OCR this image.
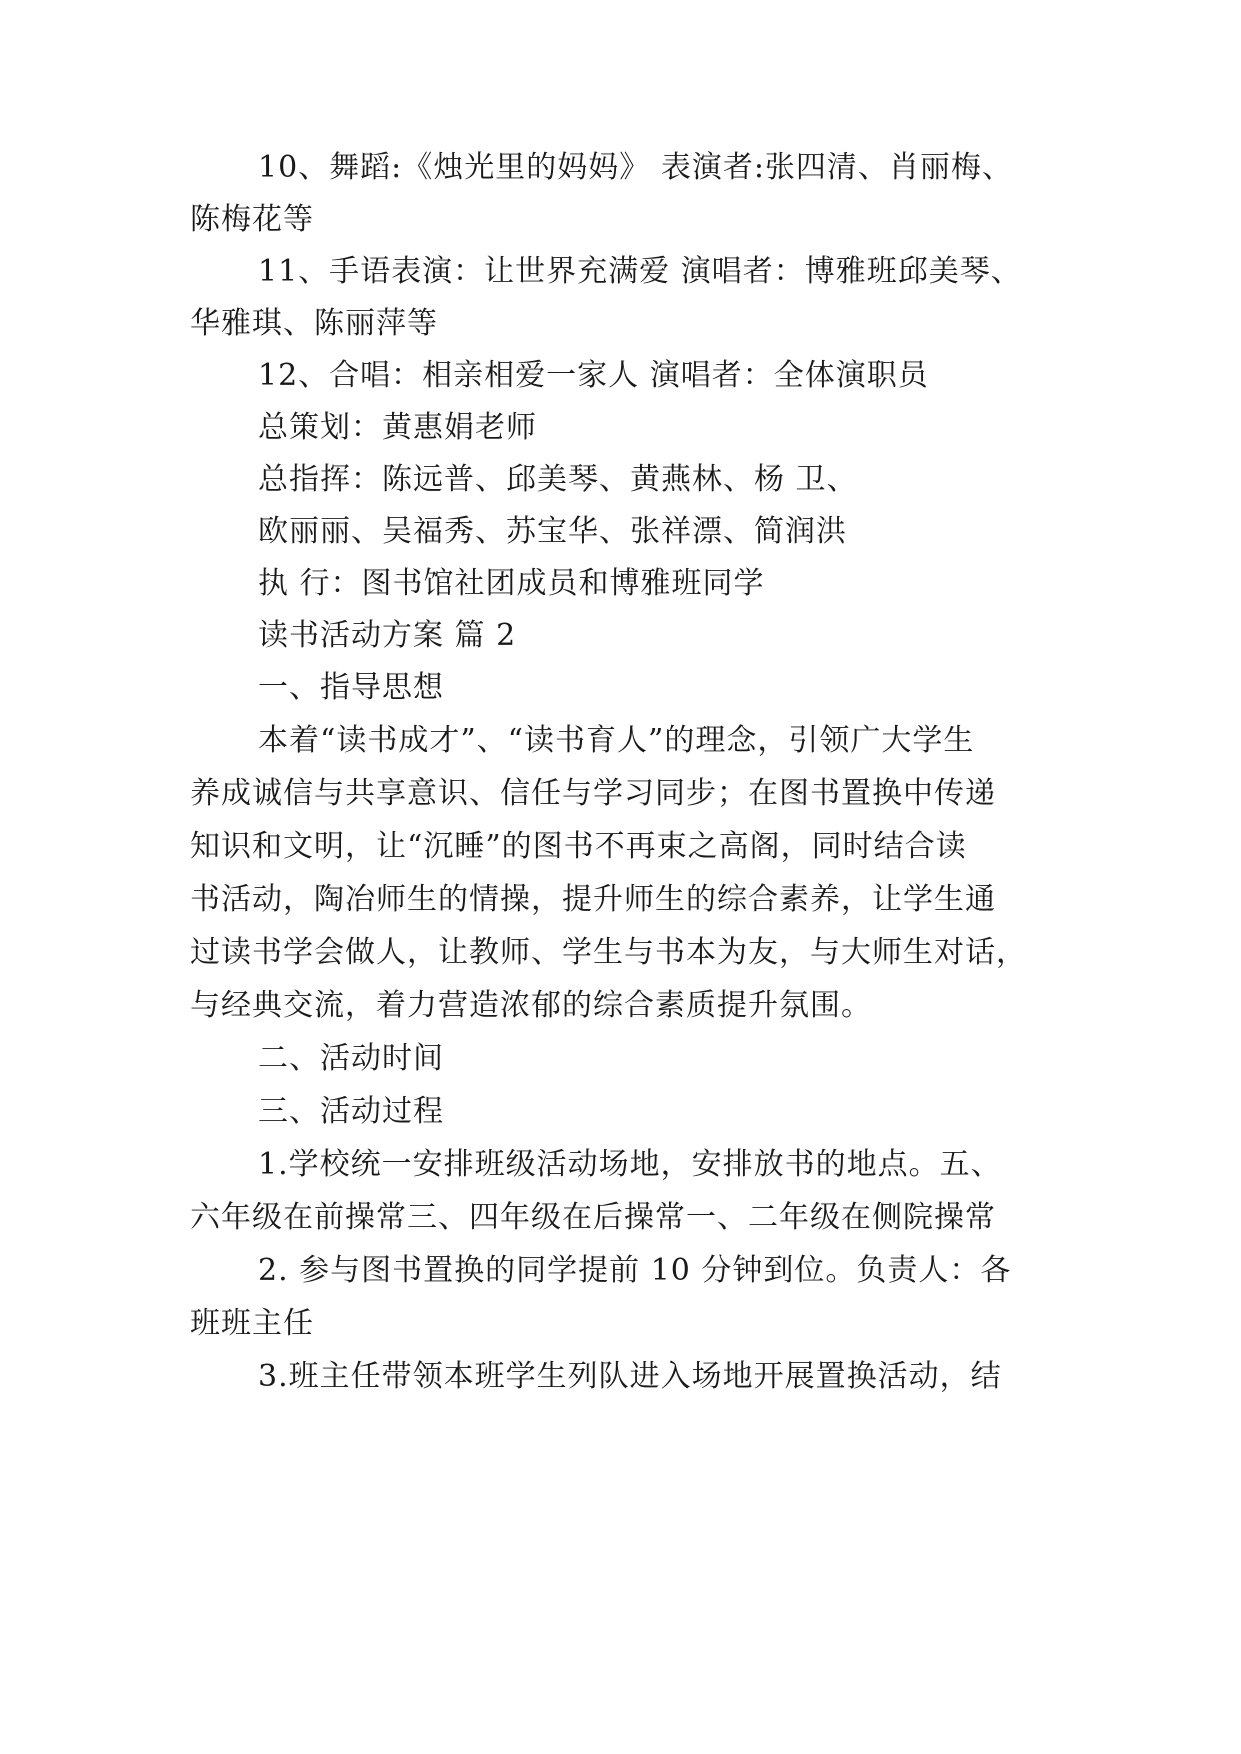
10、舞蹈:《烛光里的妈妈》 表演者:张四清、肖丽梅、
陈梅花等
11、手语表演：让世界充满爱 演唱者：博雅班邱美琴、
华雅琪、陈丽萍等
12、合唱：相亲相爱一家人 演唱者：全体演职员
总策划：黄惠娟老师
总指挥：陈远普、邱美琴、黄燕林、杨 卫、
欧丽丽、吴福秀、苏宝华、张祥漂、简润洪
执 行：图书馆社团成员和博雅班同学
读书活动方案 篇 2
一、指导思想
本着“读书成才”、“读书育人”的理念，引领广大学生
养成诚信与共享意识、信任与学习同步；在图书置换中传递
知识和文明，让“沉睡”的图书不再束之高阁，同时结合读
书活动，陶冶师生的情操，提升师生的综合素养，让学生通
过读书学会做人，让教师、学生与书本为友，与大师生对话，
与经典交流，着力营造浓郁的综合素质提升氛围。
二、活动时间
三、活动过程
1.学校统一安排班级活动场地，安排放书的地点。五、
六年级在前操常三、四年级在后操常一、二年级在侧院操常
2. 参与图书置换的同学提前 10 分钟到位。负责人：各
班班主任
3.班主任带领本班学生列队进入场地开展置换活动，结
